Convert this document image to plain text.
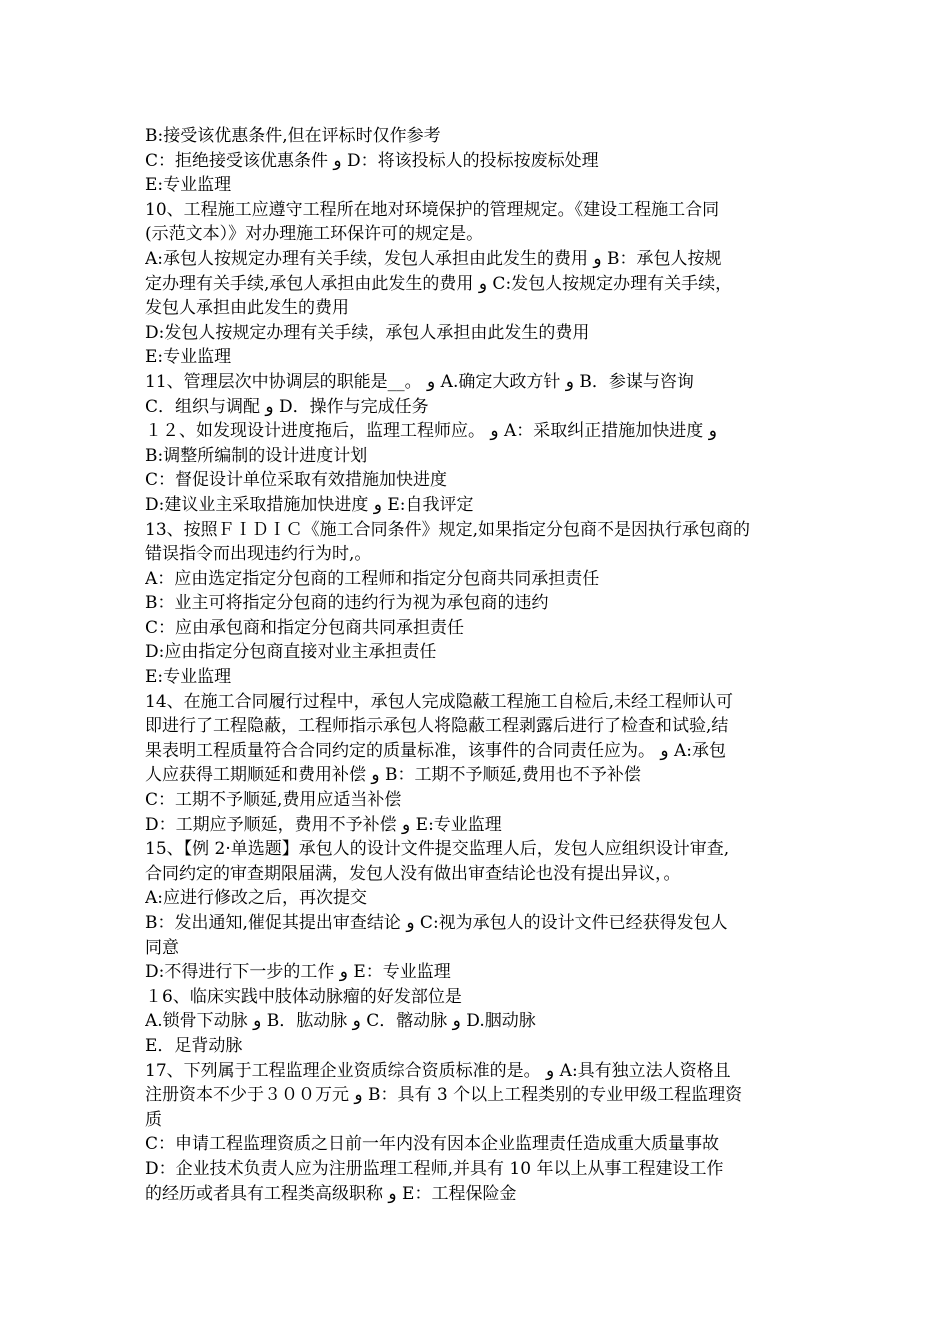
B:接受该优惠条件,但在评标时仅作参考
C：拒绝接受该优惠条件 و D：将该投标人的投标按废标处理
E:专业监理
10、工程施工应遵守工程所在地对环境保护的管理规定。《建设工程施工合同
(示范文本）》对办理施工环保许可的规定是。
A:承包人按规定办理有关手续，发包人承担由此发生的费用 و B：承包人按规
定办理有关手续,承包人承担由此发生的费用 و C:发包人按规定办理有关手续，
发包人承担由此发生的费用
D:发包人按规定办理有关手续，承包人承担由此发生的费用
E:专业监理
11、管理层次中协调层的职能是__。 و A.确定大政方针 و B．参谋与咨询
C．组织与调配 و D．操作与完成任务
１２、如发现设计进度拖后，监理工程师应。 و A：采取纠正措施加快进度 و
B:调整所编制的设计进度计划
C：督促设计单位采取有效措施加快进度
D:建议业主采取措施加快进度 و E:自我评定
13、按照ＦＩＤＩＣ《施工合同条件》规定,如果指定分包商不是因执行承包商的
错误指令而出现违约行为时,。
A：应由选定指定分包商的工程师和指定分包商共同承担责任
B：业主可将指定分包商的违约行为视为承包商的违约
C：应由承包商和指定分包商共同承担责任
D:应由指定分包商直接对业主承担责任
E:专业监理
14、在施工合同履行过程中，承包人完成隐蔽工程施工自检后,未经工程师认可
即进行了工程隐蔽，工程师指示承包人将隐蔽工程剥露后进行了检查和试验,结
果表明工程质量符合合同约定的质量标准，该事件的合同责任应为。 و A:承包
人应获得工期顺延和费用补偿 و B：工期不予顺延,费用也不予补偿
C：工期不予顺延,费用应适当补偿
D：工期应予顺延，费用不予补偿 و E:专业监理
15、【例 2·单选题】承包人的设计文件提交监理人后，发包人应组织设计审查,
合同约定的审查期限届满，发包人没有做出审查结论也没有提出异议，。
A:应进行修改之后，再次提交
B：发出通知,催促其提出审查结论 و C:视为承包人的设计文件已经获得发包人
同意
D:不得进行下一步的工作 و E：专业监理
１6、临床实践中肢体动脉瘤的好发部位是
A.锁骨下动脉 و B．肱动脉 و C．髂动脉 و D.胭动脉
E．足背动脉
17、下列属于工程监理企业资质综合资质标准的是。 و A:具有独立法人资格且
注册资本不少于３００万元 و B：具有 3 个以上工程类别的专业甲级工程监理资
质
C：申请工程监理资质之日前一年内没有因本企业监理责任造成重大质量事故
D：企业技术负责人应为注册监理工程师,并具有 10 年以上从事工程建设工作
的经历或者具有工程类高级职称 و E：工程保险金
